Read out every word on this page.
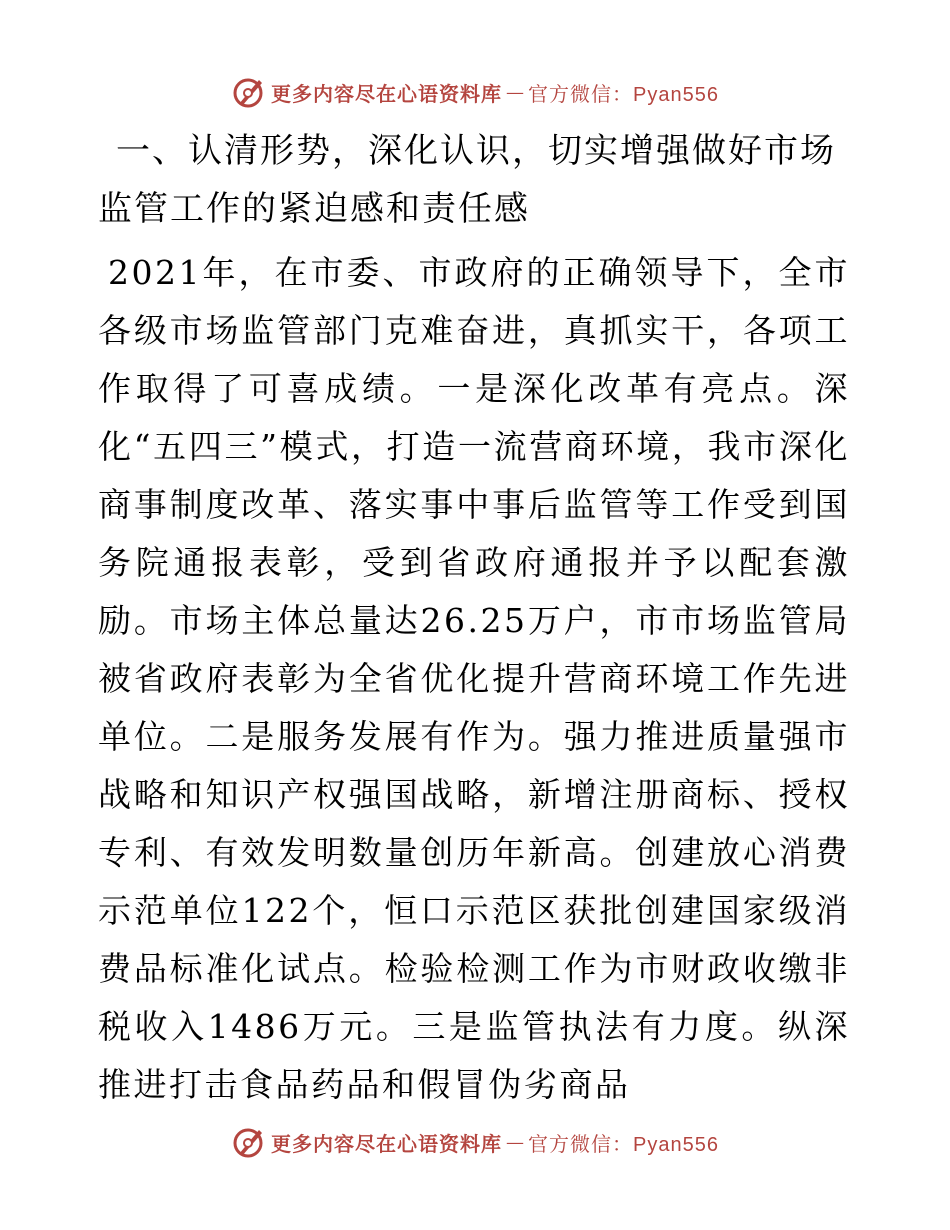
更多内容尽在心语资料库 — 官方微信：Pyan556
一、认清形势，深化认识，切实增强做好市场监管工作的紧迫感和责任感

2021年，在市委、市政府的正确领导下，全市各级市场监管部门克难奋进，真抓实干，各项工作取得了可喜成绩。一是深化改革有亮点。深化“五四三”模式，打造一流营商环境，我市深化商事制度改革、落实事中事后监管等工作受到国务院通报表彰，受到省政府通报并予以配套激励。市场主体总量达26.25万户，市市场监管局被省政府表彰为全省优化提升营商环境工作先进单位。二是服务发展有作为。强力推进质量强市战略和知识产权强国战略，新增注册商标、授权专利、有效发明数量创历年新高。创建放心消费示范单位122个，恒口示范区获批创建国家级消费品标准化试点。检验检测工作为市财政收缴非税收入1486万元。三是监管执法有力度。纵深推进打击食品药品和假冒伪劣商品

更多内容尽在心语资料库 — 官方微信：Pyan556
